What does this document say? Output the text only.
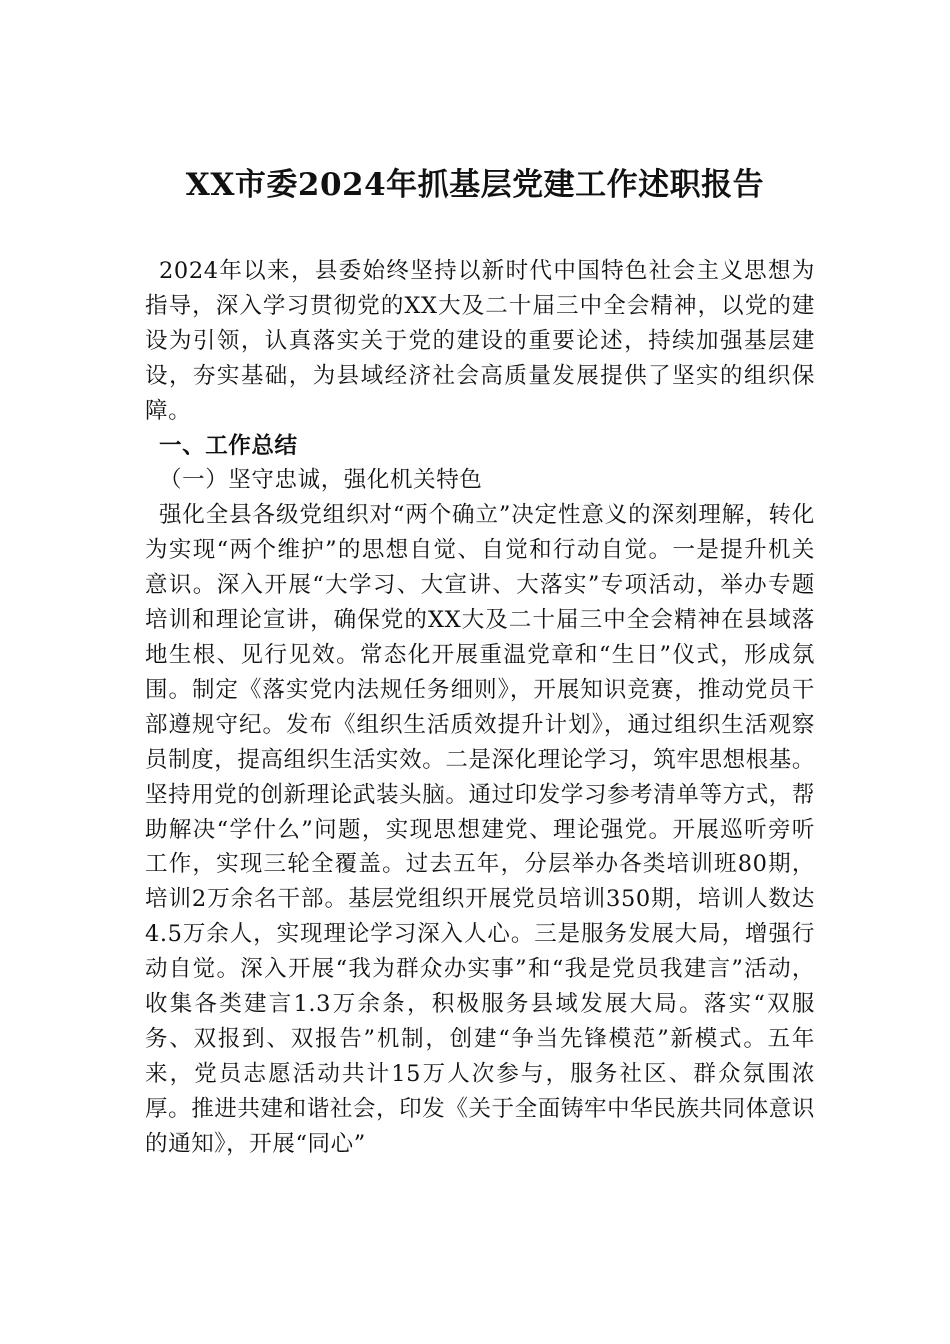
XX市委2024年抓基层党建工作述职报告

2024年以来，县委始终坚持以新时代中国特色社会主义思想为指导，深入学习贯彻党的XX大及二十届三中全会精神，以党的建设为引领，认真落实关于党的建设的重要论述，持续加强基层建设，夯实基础，为县域经济社会高质量发展提供了坚实的组织保障。

一、工作总结

（一）坚守忠诚，强化机关特色

强化全县各级党组织对“两个确立”决定性意义的深刻理解，转化为实现“两个维护”的思想自觉、自觉和行动自觉。一是提升机关意识。深入开展“大学习、大宣讲、大落实”专项活动，举办专题培训和理论宣讲，确保党的XX大及二十届三中全会精神在县域落地生根、见行见效。常态化开展重温党章和“生日”仪式，形成氛围。制定《落实党内法规任务细则》，开展知识竞赛，推动党员干部遵规守纪。发布《组织生活质效提升计划》，通过组织生活观察员制度，提高组织生活实效。二是深化理论学习，筑牢思想根基。坚持用党的创新理论武装头脑。通过印发学习参考清单等方式，帮助解决“学什么”问题，实现思想建党、理论强党。开展巡听旁听工作，实现三轮全覆盖。过去五年，分层举办各类培训班80期，培训2万余名干部。基层党组织开展党员培训350期，培训人数达4.5万余人，实现理论学习深入人心。三是服务发展大局，增强行动自觉。深入开展“我为群众办实事”和“我是党员我建言”活动，收集各类建言1.3万余条，积极服务县域发展大局。落实“双服务、双报到、双报告”机制，创建“争当先锋模范”新模式。五年来，党员志愿活动共计15万人次参与，服务社区、群众氛围浓厚。推进共建和谐社会，印发《关于全面铸牢中华民族共同体意识的通知》，开展“同心”
